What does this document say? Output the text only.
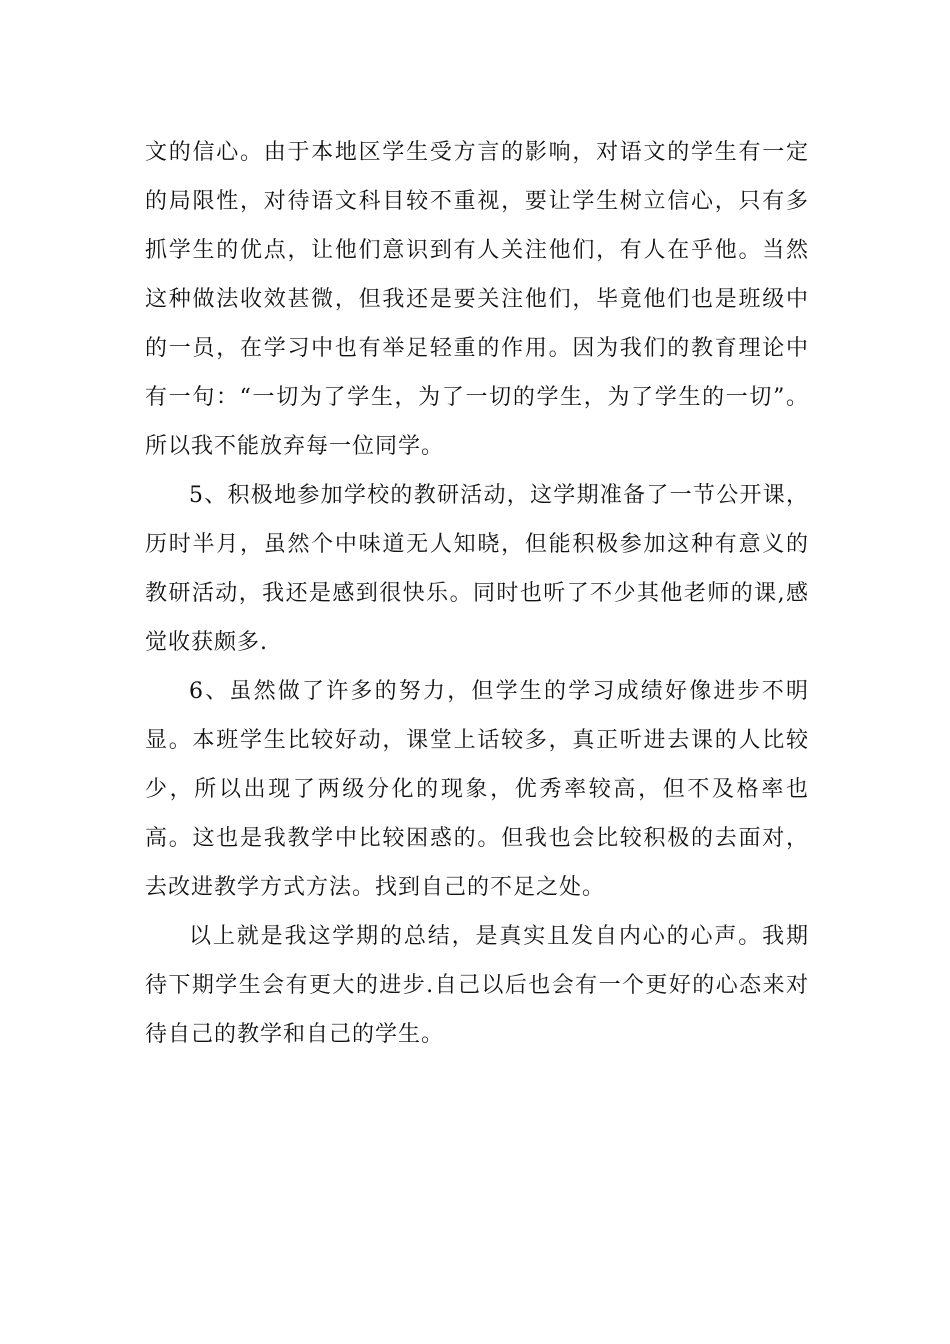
文的信心。由于本地区学生受方言的影响，对语文的学生有一定的局限性，对待语文科目较不重视，要让学生树立信心，只有多抓学生的优点，让他们意识到有人关注他们，有人在乎他。当然这种做法收效甚微，但我还是要关注他们，毕竟他们也是班级中的一员，在学习中也有举足轻重的作用。因为我们的教育理论中有一句：“一切为了学生，为了一切的学生，为了学生的一切”。所以我不能放弃每一位同学。

5、积极地参加学校的教研活动，这学期准备了一节公开课，历时半月，虽然个中味道无人知晓，但能积极参加这种有意义的教研活动，我还是感到很快乐。同时也听了不少其他老师的课,感觉收获颇多.

6、虽然做了许多的努力，但学生的学习成绩好像进步不明显。本班学生比较好动，课堂上话较多，真正听进去课的人比较少，所以出现了两级分化的现象，优秀率较高，但不及格率也高。这也是我教学中比较困惑的。但我也会比较积极的去面对，去改进教学方式方法。找到自己的不足之处。

以上就是我这学期的总结，是真实且发自内心的心声。我期待下期学生会有更大的进步.自己以后也会有一个更好的心态来对待自己的教学和自己的学生。
